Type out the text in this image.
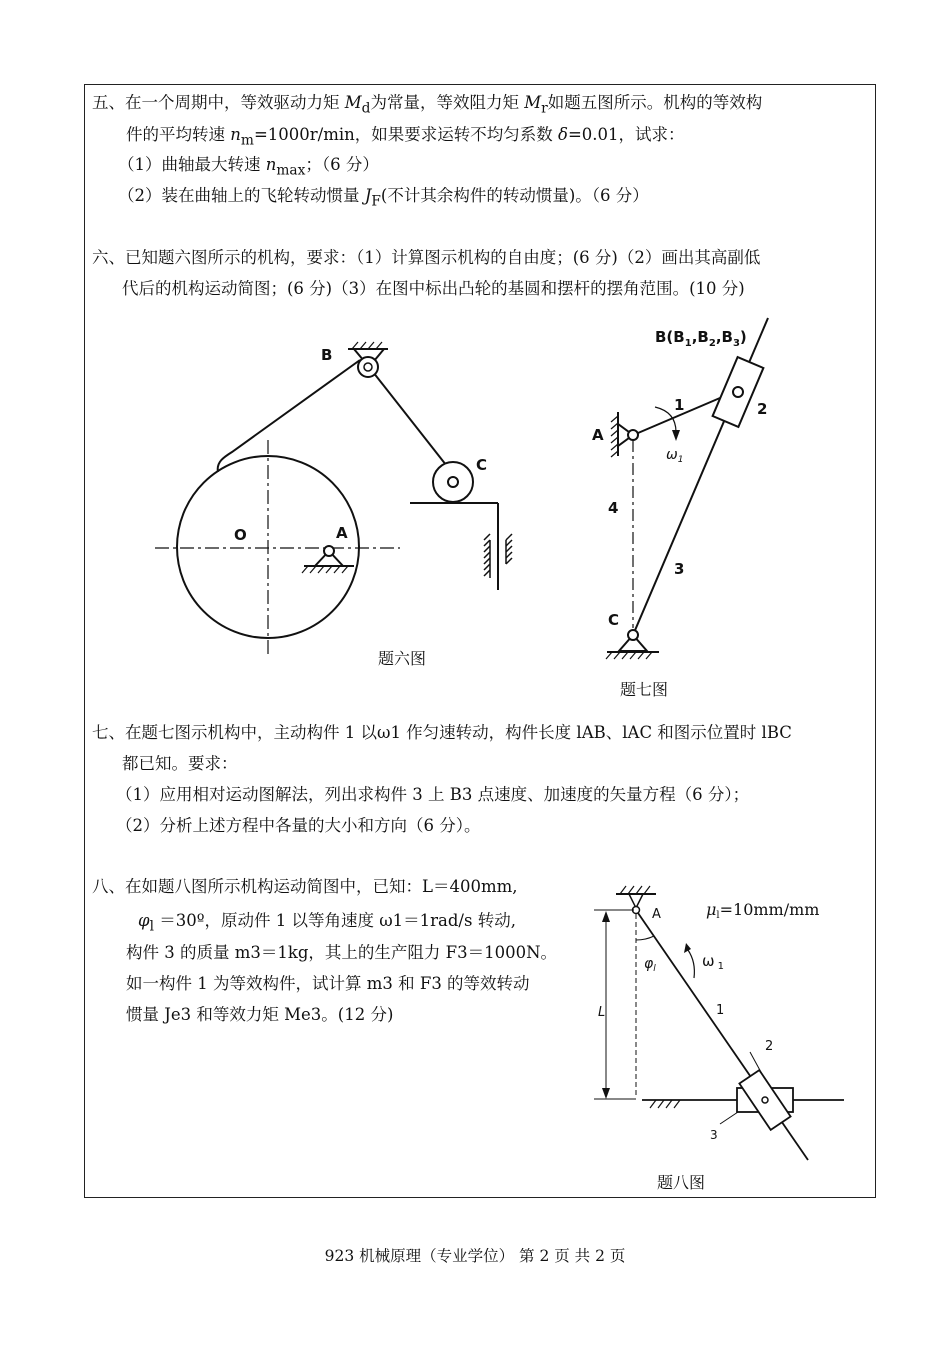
五、在一个周期中，等效驱动力矩 $M_d$为常量，等效阻力矩 $M_r$如题五图所示。机构的等效构
件的平均转速 $n_m=1000r/\min$，如果要求运转不均匀系数 δ=0.01，试求：
（1）曲轴最大转速 $n_{max}$；（6 分）
（2）装在曲轴上的飞轮转动惯量 $J_F$(不计其余构件的转动惯量)。（6 分）
六、已知题六图所示的机构，要求：（1）计算图示机构的自由度；(6 分)（2）画出其高副低
代后的机构运动简图；(6 分)（3）在图中标出凸轮的基圆和摆杆的摆角范围。(10 分)
B
C
O	A
$B(B_1,B_2,B_3)$
A
1	2
4
3
C
$\omega_1$
A
L
$\varphi_l$	ω $_1$
1
2
3
μl=10mm/mm
题六图
题七图
七、在题七图示机构中，主动构件 1 以ω1 作匀速转动，构件长度 lAB、lAC 和图示位置时 lBC
都已知。要求：
（1）应用相对运动图解法，列出求构件 3 上 B3 点速度、加速度的矢量方程（6 分）；
（2）分析上述方程中各量的大小和方向（6 分）。
八、在如题八图所示机构运动简图中，已知：L＝400mm,
$\varphi_l$ ＝30º，原动件 1 以等角速度 ω1＝1rad/s 转动,
构件 3 的质量 m3＝1kg，其上的生产阻力 F3＝1000N。
如一构件 1 为等效构件，试计算 m3 和 F3 的等效转动
惯量 Je3 和等效力矩 Me3。(12 分)
题八图
923 机械原理（专业学位） 第 2 页 共 2 页
